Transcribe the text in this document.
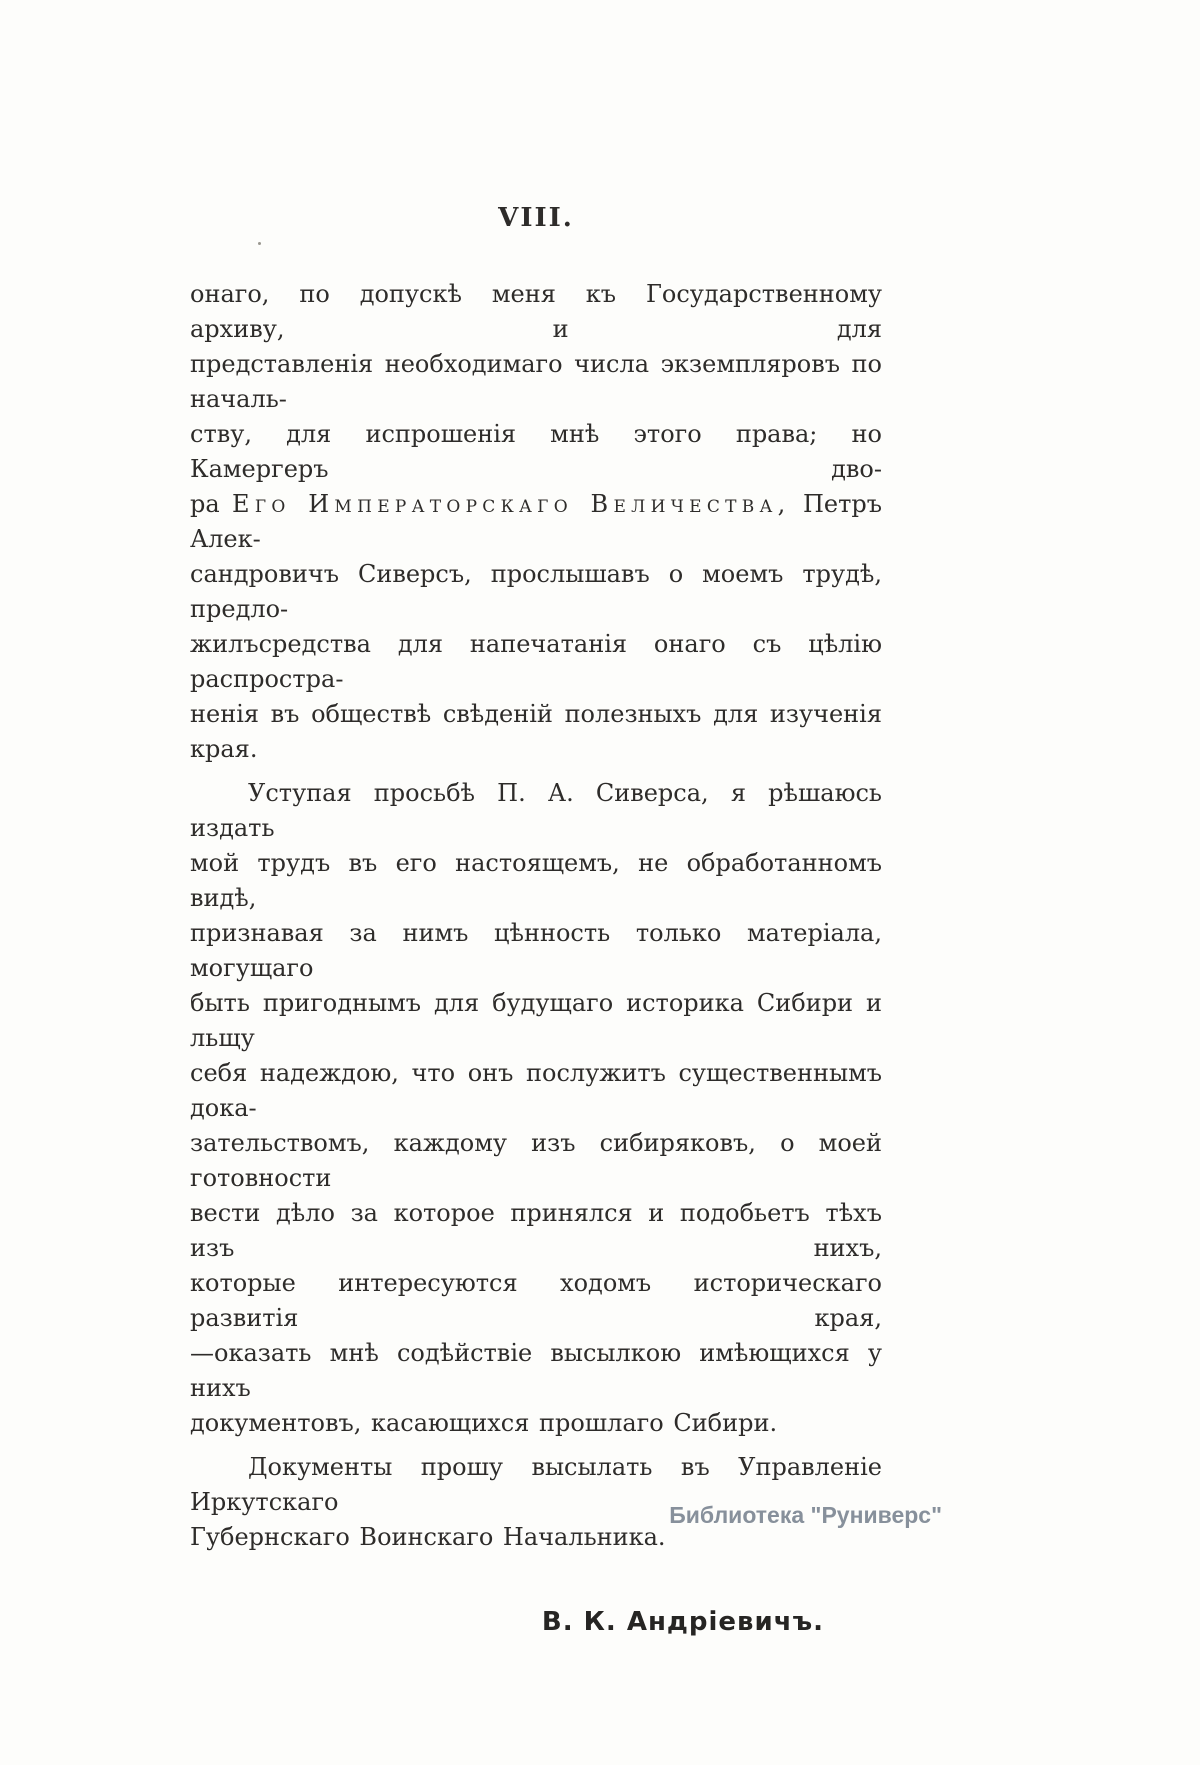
VIII.
онаго, по допускѣ меня къ Государственному архиву, и для
представленія необходимаго числа экземпляровъ по началь-
ству, для испрошенія мнѣ этого права; но Камергеръ дво-
ра Его Императорскаго Величества, Петръ Алек-
сандровичъ Сиверсъ, прослышавъ о моемъ трудѣ, предло-
жилъсредства для напечатанія онаго съ цѣлію распростра-
ненія въ обществѣ свѣденій полезныхъ для изученія края.
Уступая просьбѣ П. А. Сиверса, я рѣшаюсь издать
мой трудъ въ его настоящемъ, не обработанномъ видѣ,
признавая за нимъ цѣнность только матеріала, могущаго
быть пригоднымъ для будущаго историка Сибири и льщу
себя надеждою, что онъ послужитъ существеннымъ дока-
зательствомъ, каждому изъ сибиряковъ, о моей готовности
вести дѣло за которое принялся и подобьетъ тѣхъ изъ нихъ,
которые интересуются ходомъ историческаго развитія края,
—оказать мнѣ содѣйствіе высылкою имѣющихся у нихъ
документовъ, касающихся прошлаго Сибири.
Документы прошу высылать въ Управленіе Иркутскаго
Губернскаго Воинскаго Начальника.
В. К. Андріевичъ.
Библиотека "Руниверс"
